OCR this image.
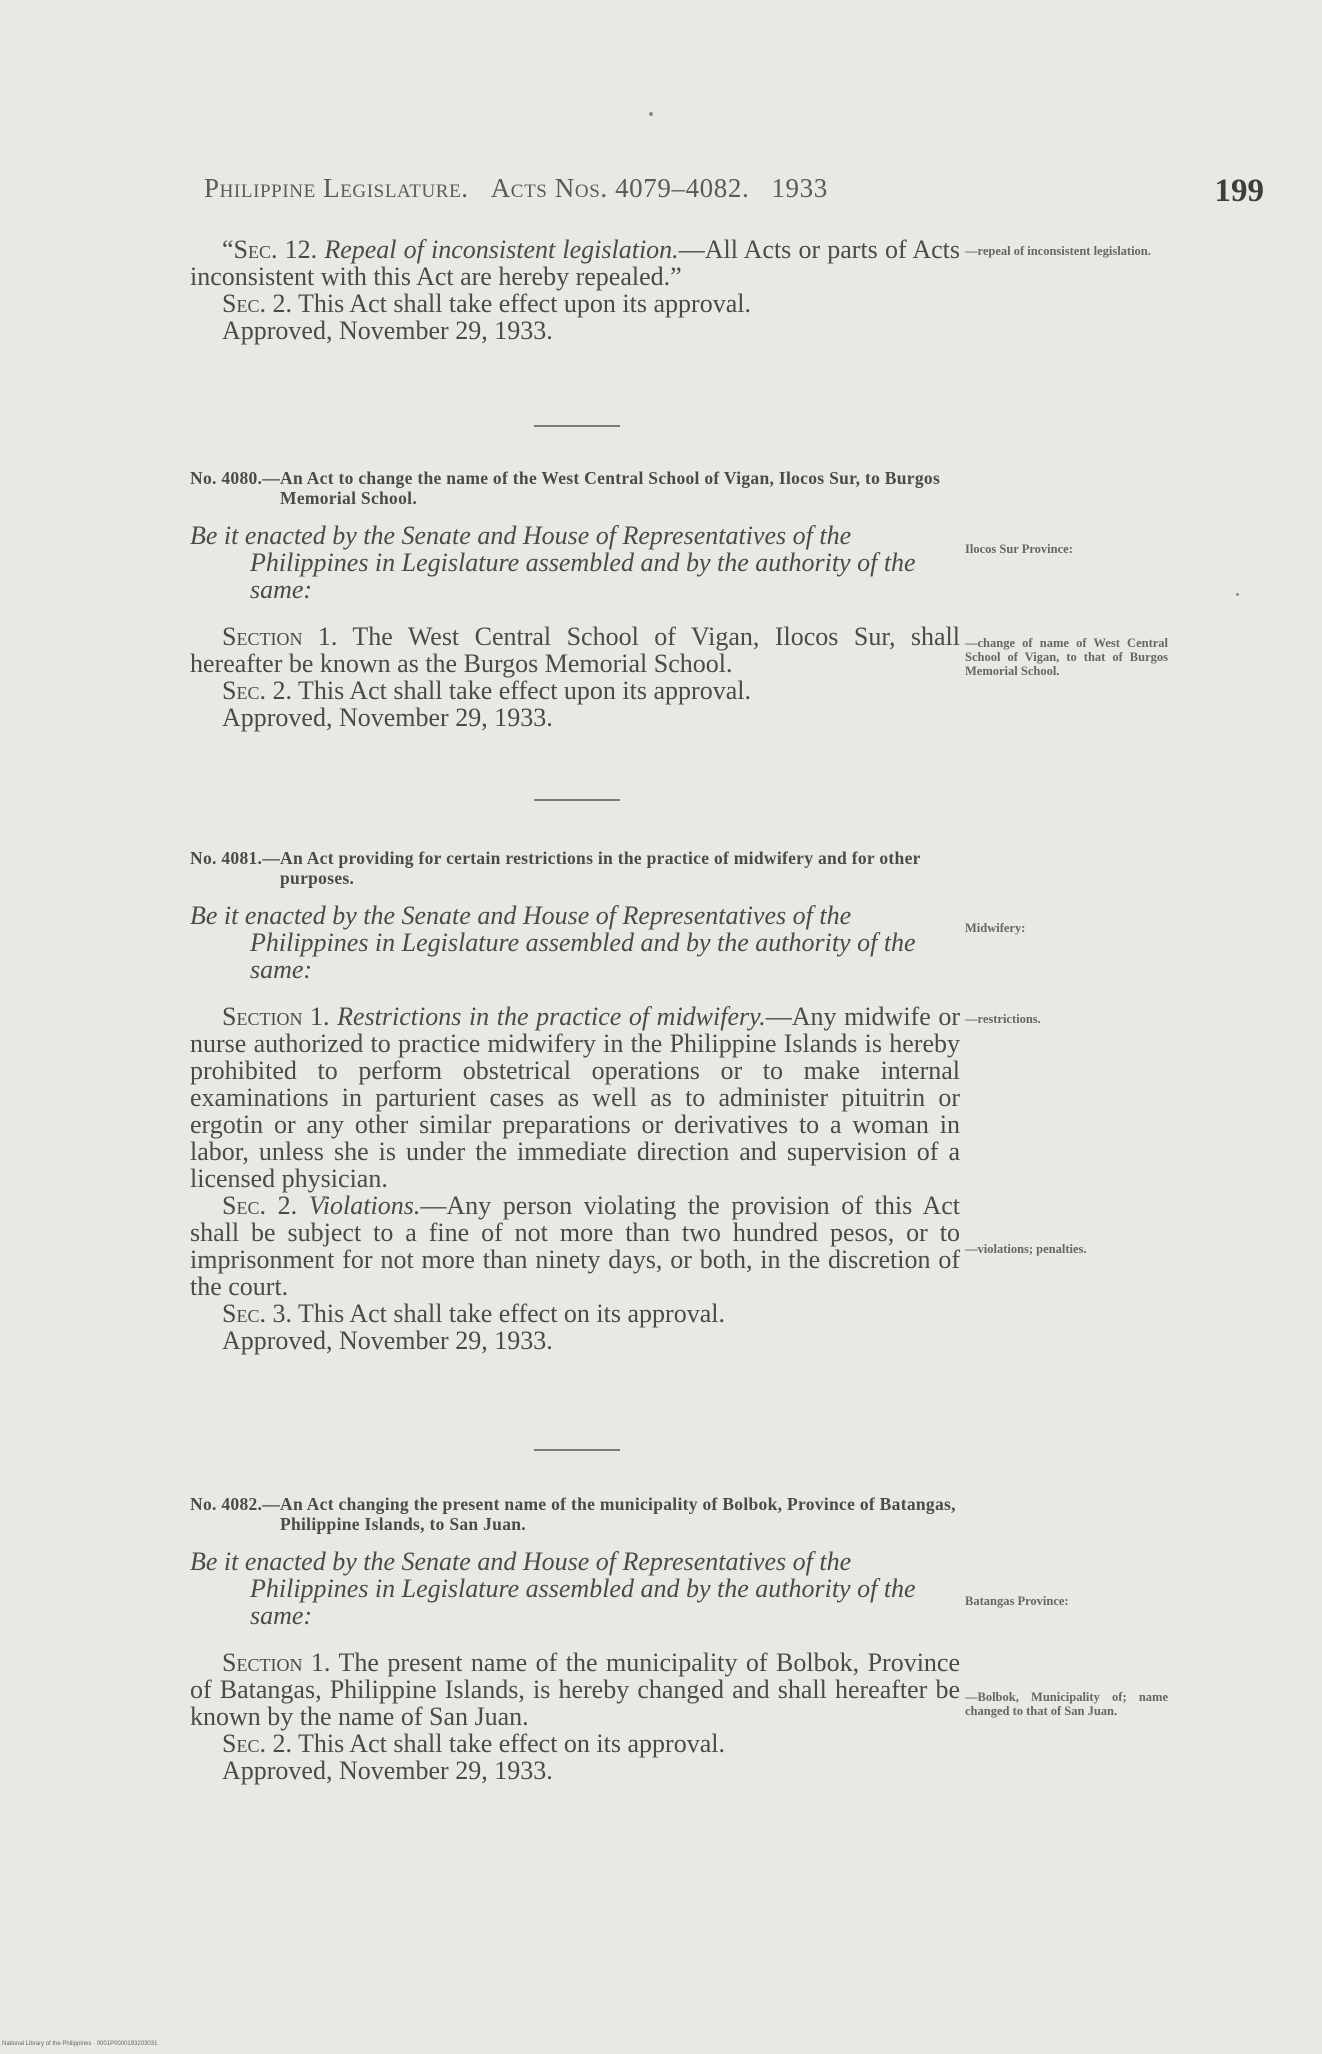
Philippine Legislature. Acts Nos. 4079–4082. 1933	199

“Sec. 12. Repeal of inconsistent legislation.—All Acts or parts of Acts inconsistent with this Act are hereby repealed.”

Sec. 2. This Act shall take effect upon its approval.

Approved, November 29, 1933.

—repeal of inconsistent legislation.

No. 4080.—An Act to change the name of the West Central School of Vigan, Ilocos Sur, to Burgos Memorial School.

Be it enacted by the Senate and House of Representatives of the Philippines in Legislature assembled and by the authority of the same:

Section 1. The West Central School of Vigan, Ilocos Sur, shall hereafter be known as the Burgos Memorial School.

Sec. 2. This Act shall take effect upon its approval.

Approved, November 29, 1933.

Ilocos Sur Province:
—change of name of West Central School of Vigan, to that of Burgos Memorial School.

No. 4081.—An Act providing for certain restrictions in the practice of midwifery and for other purposes.

Be it enacted by the Senate and House of Representatives of the Philippines in Legislature assembled and by the authority of the same:

Section 1. Restrictions in the practice of midwifery.—Any midwife or nurse authorized to practice midwifery in the Philippine Islands is hereby prohibited to perform obstetrical operations or to make internal examinations in parturient cases as well as to administer pituitrin or ergotin or any other similar preparations or derivatives to a woman in labor, unless she is under the immediate direction and supervision of a licensed physician.

Sec. 2. Violations.—Any person violating the provision of this Act shall be subject to a fine of not more than two hundred pesos, or to imprisonment for not more than ninety days, or both, in the discretion of the court.

Sec. 3. This Act shall take effect on its approval.

Approved, November 29, 1933.

Midwifery:
—restrictions.
—violations; penalties.

No. 4082.—An Act changing the present name of the municipality of Bolbok, Province of Batangas, Philippine Islands, to San Juan.

Be it enacted by the Senate and House of Representatives of the Philippines in Legislature assembled and by the authority of the same:

Section 1. The present name of the municipality of Bolbok, Province of Batangas, Philippine Islands, is hereby changed and shall hereafter be known by the name of San Juan.

Sec. 2. This Act shall take effect on its approval.

Approved, November 29, 1933.

Batangas Province:
—Bolbok, Municipality of; name changed to that of San Juan.
National Library of the Philippines · 0001P0000193203031
